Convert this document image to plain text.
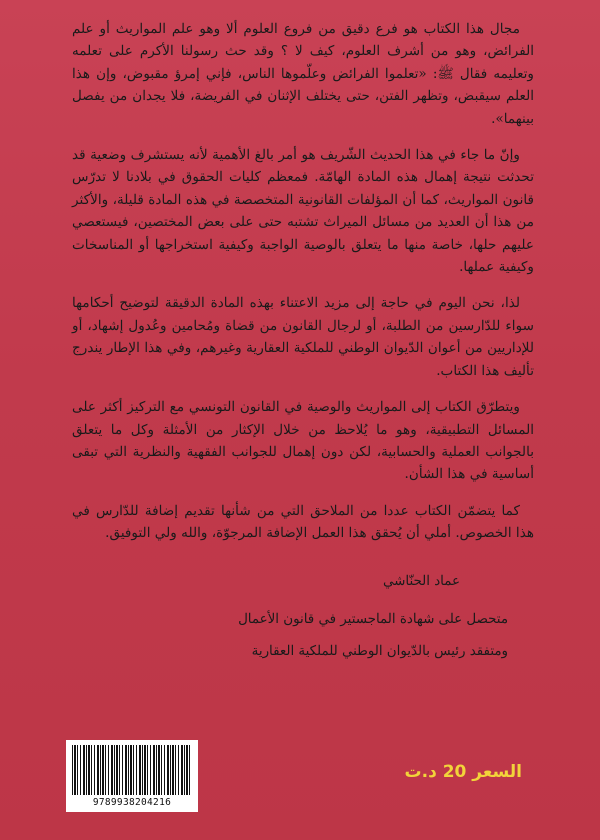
مجال هذا الكتاب هو فرع دقيق من فروع العلوم ألا وهو علم المواريث أو علم الفرائض، وهو من أشرف العلوم، كيف لا ؟ وقد حث رسولنا الأكرم على تعلمه وتعليمه فقال ﷺ: «تعلموا الفرائض وعلّموها الناس، فإني إمرؤ مقبوض، وإن هذا العلم سيقبض، وتظهر الفتن، حتى يختلف الإثنان في الفريضة، فلا يجدان من يفصل بينهما».

وإنّ ما جاء في هذا الحديث الشّريف هو أمر بالغ الأهمية لأنه يستشرف وضعية قد تحدثت نتيجة إهمال هذه المادة الهامّة. فمعظم كليات الحقوق في بلادنا لا تدرّس قانون المواريث، كما أن المؤلفات القانونية المتخصصة في هذه المادة قليلة، والأكثر من هذا أن العديد من مسائل الميراث تشتبه حتى على بعض المختصين، فيستعصي عليهم حلها، خاصة منها ما يتعلق بالوصية الواجبة وكيفية استخراجها أو المناسخات وكيفية عملها.

لذا، نحن اليوم في حاجة إلى مزيد الاعتناء بهذه المادة الدقيقة لتوضيح أحكامها سواء للدّارسين من الطلبة، أو لرجال القانون من قضاة ومُحامين وعُدول إشهاد، أو للإداريين من أعوان الدّيوان الوطني للملكية العقارية وغيرهم، وفي هذا الإطار يندرج تأليف هذا الكتاب.

ويتطرّق الكتاب إلى المواريث والوصية في القانون التونسي مع التركيز أكثر على المسائل التطبيقية، وهو ما يُلاحظ من خلال الإكثار من الأمثلة وكل ما يتعلق بالجوانب العملية والحسابية، لكن دون إهمال للجوانب الفقهية والنظرية التي تبقى أساسية في هذا الشأن.

كما يتضمّن الكتاب عددا من الملاحق التي من شأنها تقديم إضافة للدّارس في هذا الخصوص. أملي أن يُحقق هذا العمل الإضافة المرجوّة، والله ولي التوفيق.

عماد الحنّاشي
متحصل على شهادة الماجستير في قانون الأعمال
ومتفقد رئيس بالدّيوان الوطني للملكية العقارية
9789938204216
السعر 20 د.ت
